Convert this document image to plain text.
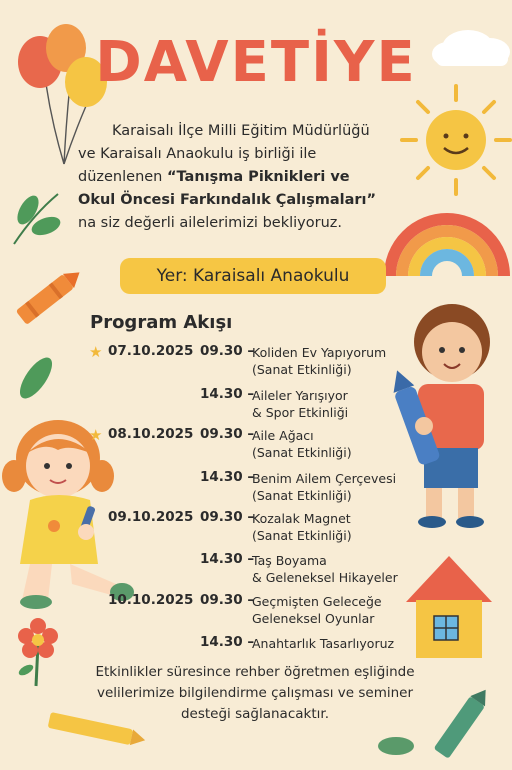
DAVETİYE
Karaisalı İlçe Milli Eğitim Müdürlüğü
ve Karaisalı Anaokulu iş birliği ile
düzenlenen “Tanışma Piknikleri ve
Okul Öncesi Farkındalık Çalışmaları”
na siz değerli ailelerimizi bekliyoruz.
Yer: Karaisalı Anaokulu
Program Akışı
★ 07.10.2025 09.30 –
Koliden Ev Yapıyorum
(Sanat Etkinliği)
14.30 –
Aileler Yarışıyor
& Spor Etkinliği
★ 08.10.2025 09.30 –
Aile Ağacı
(Sanat Etkinliği)
14.30 –
Benim Ailem Çerçevesi
(Sanat Etkinliği)
09.10.2025 09.30 –
Kozalak Magnet
(Sanat Etkinliği)
14.30 –
Taş Boyama
& Geleneksel Hikayeler
10.10.2025 09.30 –
Geçmişten Geleceğe
Geleneksel Oyunlar
14.30 –
Anahtarlık Tasarlıyoruz
Etkinlikler süresince rehber öğretmen eşliğinde
velilerimize bilgilendirme çalışması ve seminer
desteği sağlanacaktır.
